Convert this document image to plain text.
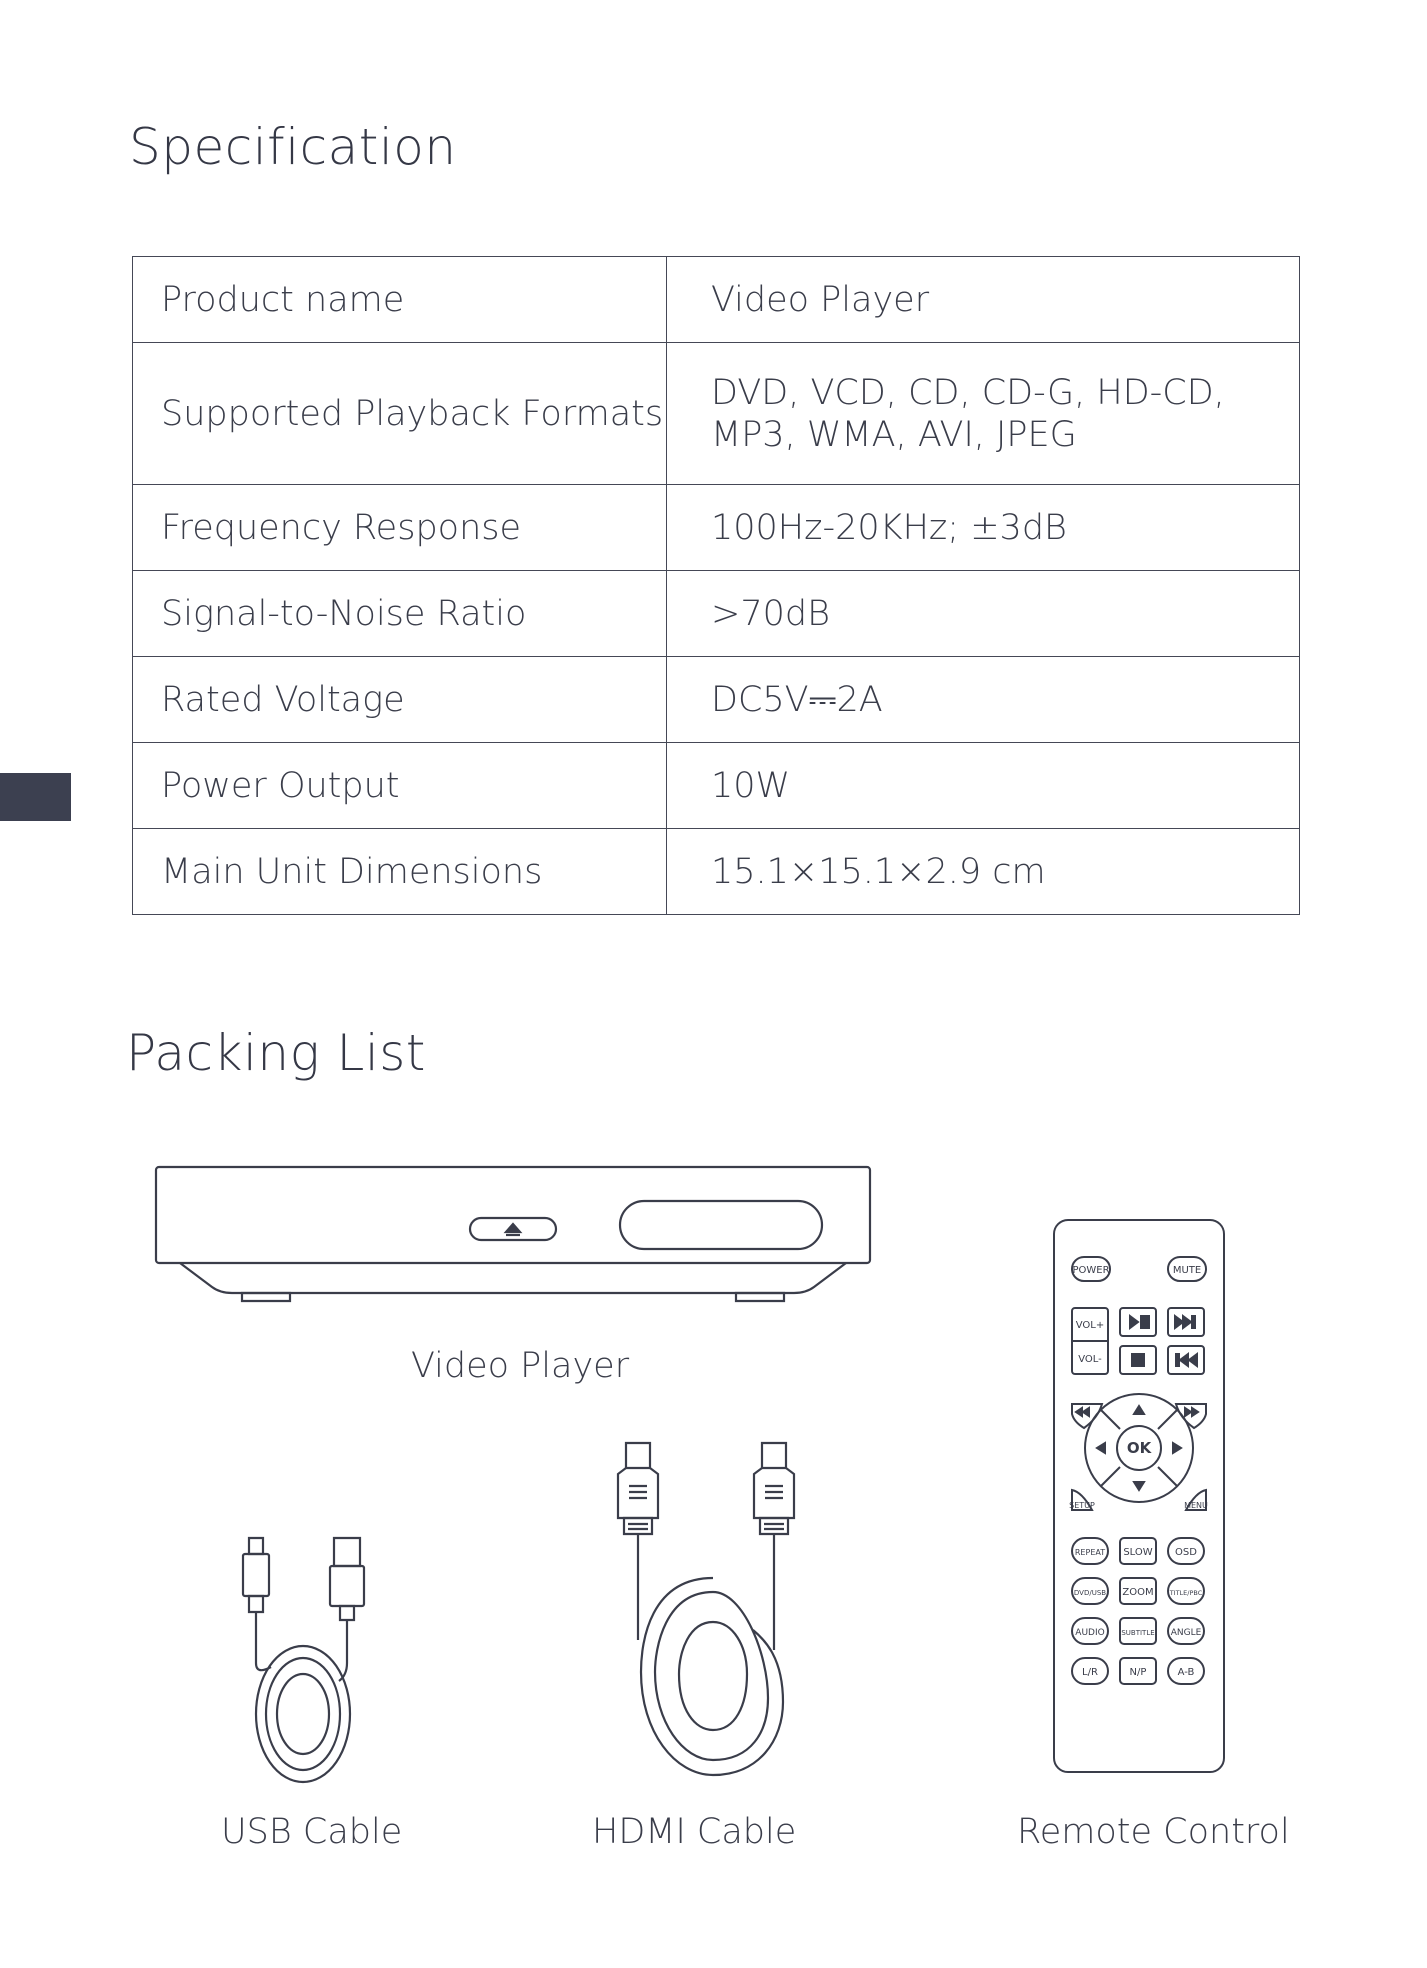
Specification
Product name	Video Player
Supported Playback Formats	DVD, VCD, CD, CD-G, HD-CD,
MP3, WMA, AVI, JPEG

Frequency Response	100Hz-20KHz; ±3dB
Signal-to-Noise Ratio	>70dB
Rated Voltage	DC5V⎓2A
Power Output	10W
Main Unit Dimensions	15.1×15.1×2.9 cm
Packing List
Video Player
USB Cable	HDMI Cable
POWER	MUTE
VOL+
VOL-
OK
SETUP	MENU
REPEAT SLOW OSD
DVD/USB ZOOM TITLE/PBC
AUDIO SUBTITLE ANGLE
L/R	N/P	A-B
Remote Control
